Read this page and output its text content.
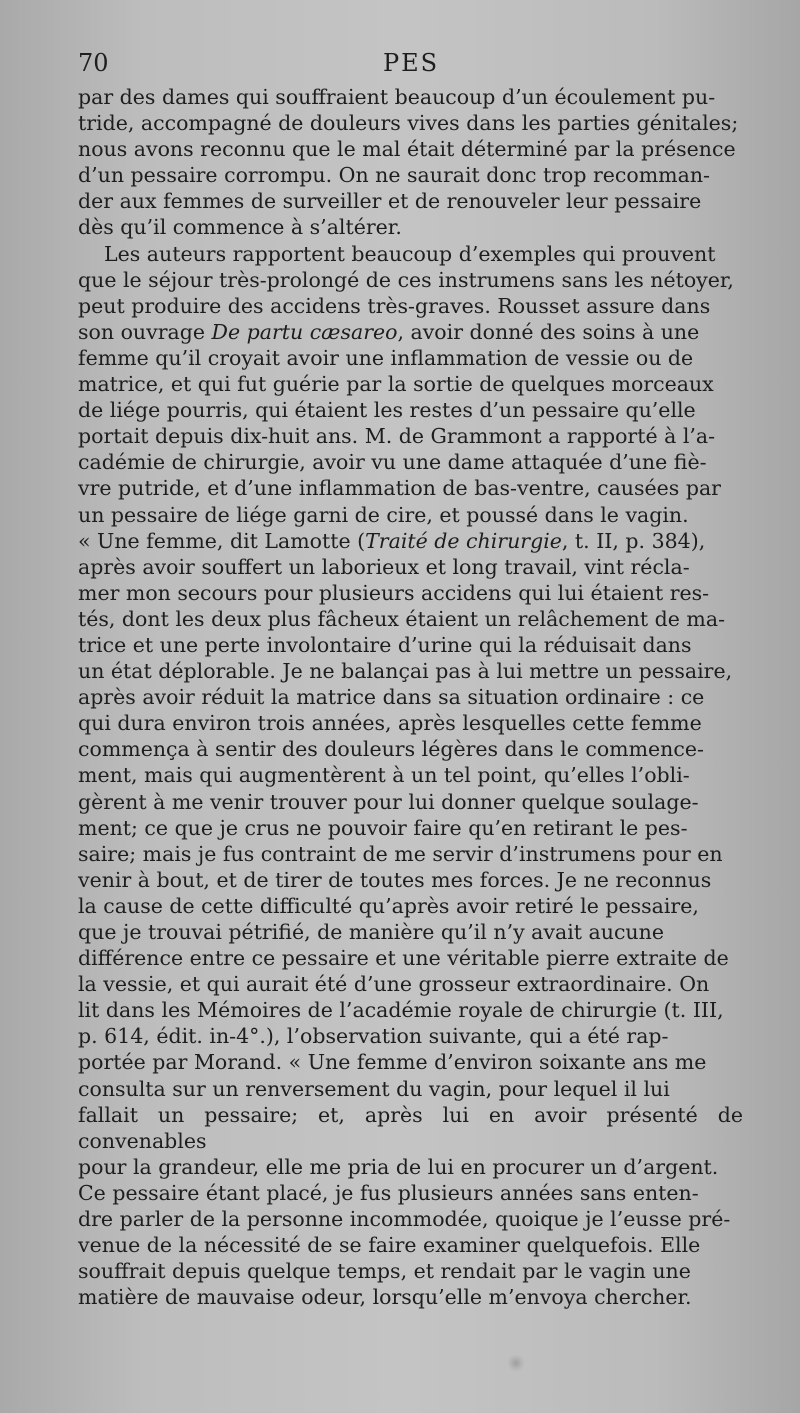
70	PES
par des dames qui souffraient beaucoup d’un écoulement pu-
tride, accompagné de douleurs vives dans les parties génitales;
nous avons reconnu que le mal était déterminé par la présence
d’un pessaire corrompu. On ne saurait donc trop recomman-
der aux femmes de surveiller et de renouveler leur pessaire
dès qu’il commence à s’altérer.
Les auteurs rapportent beaucoup d’exemples qui prouvent
que le séjour très-prolongé de ces instrumens sans les nétoyer,
peut produire des accidens très-graves. Rousset assure dans
son ouvrage De partu cæsareo, avoir donné des soins à une
femme qu’il croyait avoir une inflammation de vessie ou de
matrice, et qui fut guérie par la sortie de quelques morceaux
de liége pourris, qui étaient les restes d’un pessaire qu’elle
portait depuis dix-huit ans. M. de Grammont a rapporté à l’a-
cadémie de chirurgie, avoir vu une dame attaquée d’une fiè-
vre putride, et d’une inflammation de bas-ventre, causées par
un pessaire de liége garni de cire, et poussé dans le vagin.
« Une femme, dit Lamotte (Traité de chirurgie, t. II, p. 384),
après avoir souffert un laborieux et long travail, vint récla-
mer mon secours pour plusieurs accidens qui lui étaient res-
tés, dont les deux plus fâcheux étaient un relâchement de ma-
trice et une perte involontaire d’urine qui la réduisait dans
un état déplorable. Je ne balançai pas à lui mettre un pessaire,
après avoir réduit la matrice dans sa situation ordinaire : ce
qui dura environ trois années, après lesquelles cette femme
commença à sentir des douleurs légères dans le commence-
ment, mais qui augmentèrent à un tel point, qu’elles l’obli-
gèrent à me venir trouver pour lui donner quelque soulage-
ment; ce que je crus ne pouvoir faire qu’en retirant le pes-
saire; mais je fus contraint de me servir d’instrumens pour en
venir à bout, et de tirer de toutes mes forces. Je ne reconnus
la cause de cette difficulté qu’après avoir retiré le pessaire,
que je trouvai pétrifié, de manière qu’il n’y avait aucune
différence entre ce pessaire et une véritable pierre extraite de
la vessie, et qui aurait été d’une grosseur extraordinaire. On
lit dans les Mémoires de l’académie royale de chirurgie (t. III,
p. 614, édit. in-4°.), l’observation suivante, qui a été rap-
portée par Morand. « Une femme d’environ soixante ans me
consulta sur un renversement du vagin, pour lequel il lui
fallait un pessaire; et, après lui en avoir présenté de convenables
pour la grandeur, elle me pria de lui en procurer un d’argent.
Ce pessaire étant placé, je fus plusieurs années sans enten-
dre parler de la personne incommodée, quoique je l’eusse pré-
venue de la nécessité de se faire examiner quelquefois. Elle
souffrait depuis quelque temps, et rendait par le vagin une
matière de mauvaise odeur, lorsqu’elle m’envoya chercher.
